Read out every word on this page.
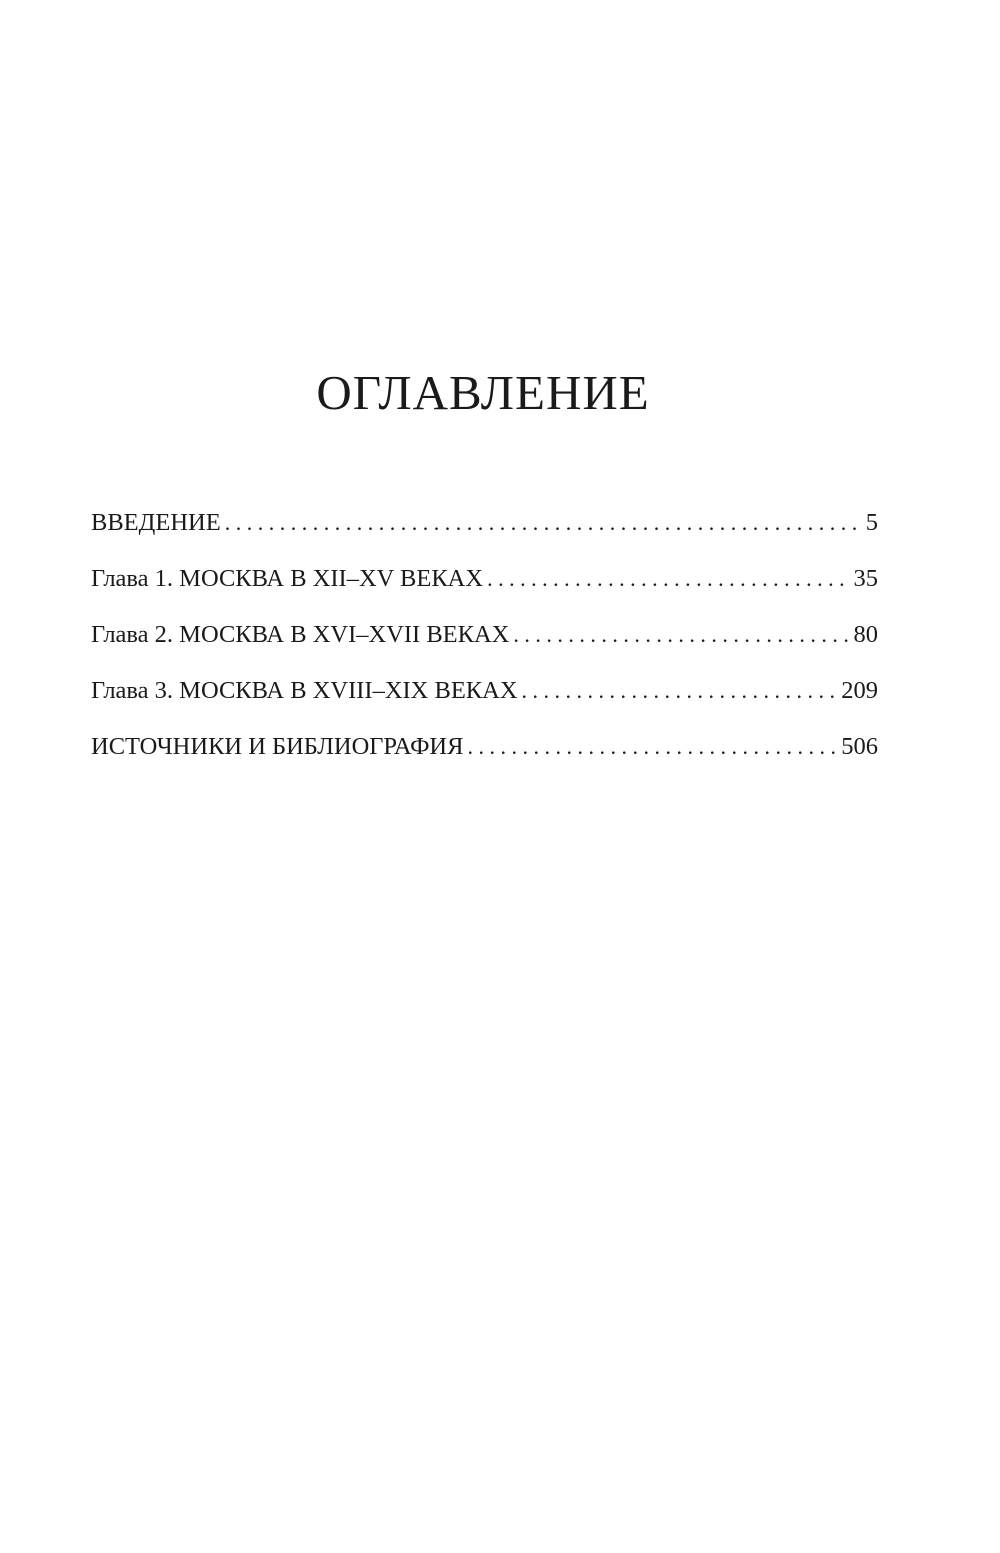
ОГЛАВЛЕНИЕ
ВВЕДЕНИЕ . . .	5
Глава 1. МОСКВА В XII–XV ВЕКАХ . . .	35
Глава 2. МОСКВА В XVI–XVII ВЕКАХ . . .	80
Глава 3. МОСКВА В XVIII–XIX ВЕКАХ . . .	209
ИСТОЧНИКИ И БИБЛИОГРАФИЯ . . .	506
